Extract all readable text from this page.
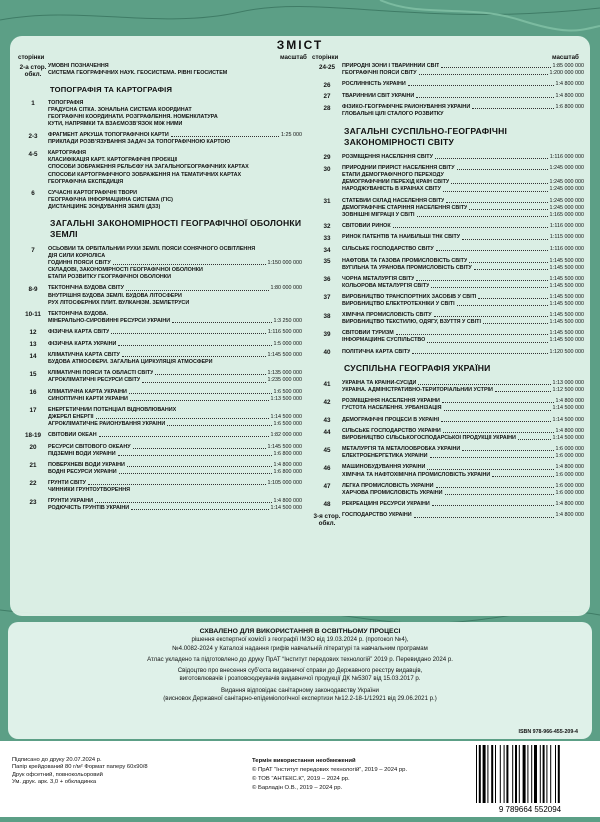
ЗМІСТ
сторінки	масштаб сторінки	масштаб
2-а стор. обкл.
УМОВНІ ПОЗНАЧЕННЯ
СИСТЕМА ГЕОГРАФІЧНИХ НАУК. ГЕОСИСТЕМА. РІВНІ ГЕОСИСТЕМ
ТОПОГРАФІЯ ТА КАРТОГРАФІЯ
1	ТОПОГРАФІЯ
ГРАДУСНА СІТКА. ЗОНАЛЬНА СИСТЕМА КООРДИНАТ
ГЕОГРАФІЧНІ КООРДИНАТИ. РОЗГРАФЛЕННЯ. НОМЕНКЛАТУРА
КУТИ, НАПРЯМКИ ТА ВЗАЄМОЗВ’ЯЗОК МІЖ НИМИ
2-3	ФРАГМЕНТ АРКУША ТОПОГРАФІЧНОЇ КАРТИ	1:25 000
ПРИКЛАДИ РОЗВ’ЯЗУВАННЯ ЗАДАЧ ЗА ТОПОГРАФІЧНОЮ КАРТОЮ
4-5	КАРТОГРАФІЯ
КЛАСИФІКАЦІЯ КАРТ. КАРТОГРАФІЧНІ ПРОЄКЦІЇ
СПОСОБИ ЗОБРАЖЕННЯ РЕЛЬЄФУ НА ЗАГАЛЬНОГЕОГРАФІЧНИХ КАРТАХ
СПОСОБИ КАРТОГРАФІЧНОГО ЗОБРАЖЕННЯ НА ТЕМАТИЧНИХ КАРТАХ
ГЕОГРАФІЧНА ЕКСПЕДИЦІЯ
6	СУЧАСНІ КАРТОГРАФІЧНІ ТВОРИ
ГЕОГРАФІЧНА ІНФОРМАЦІЙНА СИСТЕМА (ГІС)
ДИСТАНЦІЙНЕ ЗОНДУВАННЯ ЗЕМЛІ (ДЗЗ)
ЗАГАЛЬНІ ЗАКОНОМІРНОСТІ ГЕОГРАФІЧНОЇ ОБОЛОНКИ ЗЕМЛІ
7	ОСЬОВИЙ ТА ОРБІТАЛЬНИЙ РУХИ ЗЕМЛІ. ПОЯСИ СОНЯЧНОГО ОСВІТЛЕННЯ
ДІЯ СИЛИ КОРІОЛІСА
ГОДИННІ ПОЯСИ СВІТУ	1:150 000 000
СКЛАДОВІ, ЗАКОНОМІРНОСТІ ГЕОГРАФІЧНОЇ ОБОЛОНКИ
ЕТАПИ РОЗВИТКУ ГЕОГРАФІЧНОЇ ОБОЛОНКИ
8-9	ТЕКТОНІЧНА БУДОВА СВІТУ	1:80 000 000
ВНУТРІШНЯ БУДОВА ЗЕМЛІ. БУДОВА ЛІТОСФЕРИ
РУХ ЛІТОСФЕРНИХ ПЛИТ. ВУЛКАНІЗМ. ЗЕМЛЕТРУСИ
10-11	ТЕКТОНІЧНА БУДОВА.
МІНЕРАЛЬНО-СИРОВИННІ РЕСУРСИ УКРАЇНИ	1:3 250 000
12	ФІЗИЧНА КАРТА СВІТУ	1:116 500 000
13	ФІЗИЧНА КАРТА УКРАЇНИ	1:5 000 000
14	КЛІМАТИЧНА КАРТА СВІТУ	1:145 500 000
БУДОВА АТМОСФЕРИ. ЗАГАЛЬНА ЦИРКУЛЯЦІЯ АТМОСФЕРИ
15	КЛІМАТИЧНІ ПОЯСИ ТА ОБЛАСТІ СВІТУ	1:135 000 000
АГРОКЛІМАТИЧНІ РЕСУРСИ СВІТУ	1:235 000 000
16	КЛІМАТИЧНА КАРТА УКРАЇНИ	1:6 500 000
СИНОПТИЧНІ КАРТИ УКРАЇНИ	1:13 500 000
17	ЕНЕРГЕТИЧНИЙ ПОТЕНЦІАЛ ВІДНОВЛЮВАНИХ
ДЖЕРЕЛ ЕНЕРГІЇ	1:14 500 000
АГРОКЛІМАТИЧНЕ РАЙОНУВАННЯ УКРАЇНИ	1:6 500 000
18-19	СВІТОВИЙ ОКЕАН	1:82 000 000
20	РЕСУРСИ СВІТОВОГО ОКЕАНУ	1:145 500 000
ПІДЗЕМНІ ВОДИ УКРАЇНИ	1:6 800 000
21	ПОВЕРХНЕВІ ВОДИ УКРАЇНИ	1:4 800 000
ВОДНІ РЕСУРСИ УКРАЇНИ	1:6 800 000
22	ҐРУНТИ СВІТУ	1:105 000 000
ЧИННИКИ ҐРУНТОУТВОРЕННЯ
23	ҐРУНТИ УКРАЇНИ	1:4 800 000
РОДЮЧІСТЬ ҐРУНТІВ УКРАЇНИ	1:14 500 000
24-25	ПРИРОДНІ ЗОНИ І ТВАРИННИЙ СВІТ	1:85 000 000
ГЕОГРАФІЧНІ ПОЯСИ СВІТУ	1:200 000 000
26	РОСЛИННІСТЬ УКРАЇНИ	1:4 800 000
27	ТВАРИННИЙ СВІТ УКРАЇНИ	1:4 800 000
28	ФІЗИКО-ГЕОГРАФІЧНЕ РАЙОНУВАННЯ УКРАЇНИ	1:6 800 000
ГЛОБАЛЬНІ ЦІЛІ СТАЛОГО РОЗВИТКУ
ЗАГАЛЬНІ СУСПІЛЬНО-ГЕОГРАФІЧНІ ЗАКОНОМІРНОСТІ СВІТУ
29	РОЗМІЩЕННЯ НАСЕЛЕННЯ СВІТУ	1:116 000 000
30	ПРИРОДНИЙ ПРИРІСТ НАСЕЛЕННЯ СВІТУ	1:245 000 000
ЕТАПИ ДЕМОГРАФІЧНОГО ПЕРЕХОДУ
ДЕМОГРАФІЧНИЙ ПЕРЕХІД КРАЇН СВІТУ	1:245 000 000
НАРОДЖУВАНІСТЬ В КРАЇНАХ СВІТУ	1:245 000 000
31	СТАТЕВИЙ СКЛАД НАСЕЛЕННЯ СВІТУ	1:245 000 000
ДЕМОГРАФІЧНЕ СТАРІННЯ НАСЕЛЕННЯ СВІТУ	1:245 000 000
ЗОВНІШНІ МІГРАЦІЇ У СВІТІ	1:165 000 000
32	СВІТОВИЙ РИНОК	1:116 000 000
33	РИНОК ПАТЕНТІВ ТА НАЙБІЛЬШІ ТНК СВІТУ	1:115 000 000
34	СІЛЬСЬКЕ ГОСПОДАРСТВО СВІТУ	1:116 000 000
35	НАФТОВА ТА ГАЗОВА ПРОМИСЛОВІСТЬ СВІТУ	1:145 500 000
ВУГІЛЬНА ТА УРАНОВА ПРОМИСЛОВІСТЬ СВІТУ	1:145 500 000
36	ЧОРНА МЕТАЛУРГІЯ СВІТУ	1:145 500 000
КОЛЬОРОВА МЕТАЛУРГІЯ СВІТУ	1:145 500 000
37	ВИРОБНИЦТВО ТРАНСПОРТНИХ ЗАСОБІВ У СВІТІ	1:145 500 000
ВИРОБНИЦТВО ЕЛЕКТРОТЕХНІКИ У СВІТІ	1:145 500 000
38	ХІМІЧНА ПРОМИСЛОВІСТЬ СВІТУ	1:145 500 000
ВИРОБНИЦТВО ТЕКСТИЛЮ, ОДЯГУ, ВЗУТТЯ У СВІТІ	1:145 500 000
39	СВІТОВИЙ ТУРИЗМ	1:145 500 000
ІНФОРМАЦІЙНЕ СУСПІЛЬСТВО	1:145 500 000
40	ПОЛІТИЧНА КАРТА СВІТУ	1:120 500 000
СУСПІЛЬНА ГЕОГРАФІЯ УКРАЇНИ
41	УКРАЇНА ТА КРАЇНИ-СУСІДИ	1:13 000 000
УКРАЇНА. АДМІНІСТРАТИВНО-ТЕРИТОРІАЛЬНИЙ УСТРІЙ	1:12 500 000
42	РОЗМІЩЕННЯ НАСЕЛЕННЯ УКРАЇНИ	1:4 800 000
ГУСТОТА НАСЕЛЕННЯ. УРБАНІЗАЦІЯ	1:14 500 000
43	ДЕМОГРАФІЧНІ ПРОЦЕСИ В УКРАЇНІ	1:14 500 000
44	СІЛЬСЬКЕ ГОСПОДАРСТВО УКРАЇНИ	1:4 800 000
ВИРОБНИЦТВО СІЛЬСЬКОГОСПОДАРСЬКОЇ ПРОДУКЦІЇ УКРАЇНИ	1:14 500 000
45	МЕТАЛУРГІЯ ТА МЕТАЛООБРОБКА УКРАЇНИ	1:6 000 000
ЕЛЕКТРОЕНЕРГЕТИКА УКРАЇНИ	1:6 000 000
46	МАШИНОБУДУВАННЯ УКРАЇНИ	1:4 800 000
ХІМІЧНА ТА НАФТОХІМІЧНА ПРОМИСЛОВІСТЬ УКРАЇНИ	1:6 000 000
47	ЛЕГКА ПРОМИСЛОВІСТЬ УКРАЇНИ	1:6 000 000
ХАРЧОВА ПРОМИСЛОВІСТЬ УКРАЇНИ	1:6 000 000
48	РЕКРЕАЦІЙНІ РЕСУРСИ УКРАЇНИ	1:4 800 000
3-я стор. обкл.
ГОСПОДАРСТВО УКРАЇНИ	1:4 800 000
СХВАЛЕНО ДЛЯ ВИКОРИСТАННЯ В ОСВІТНЬОМУ ПРОЦЕСІ
рішення експертної комісії з географії ІМЗО від 19.03.2024 р. (протокол №4),
№4.0082-2024 у Каталозі надання грифів навчальній літературі та навчальним програмам
Атлас укладено та підготовлено до друку ПрАТ “Інститут передових технологій” 2019 р. Перевидано 2024 р.
Свідоцтво про внесення суб’єкта видавничої справи до Державного реєстру видавців,
виготовлювачів і розповсюджувачів видавничої продукції ДК №5307 від 15.03.2017 р.
Видання відповідає санітарному законодавству України
(висновок Державної санітарно-епідеміологічної експертизи №12.2-18-1/12921 від 29.06.2021 р.)
ISBN 978-966-455-209-4
Підписано до друку 20.07.2024 р.
Папір крейдований 80 г/м² Формат паперу 60х90/8
Друк офсетний, повнокольоровий
Ум. друк. арк. 3,0 + обкладинка
Термін використання необмежений
© ПрАТ “Інститут передових технологій”, 2019 – 2024 рр.
© ТОВ “АНТЕКС.К”, 2019 – 2024 рр.
© Барладін О.В., 2019 – 2024 рр.
9 789664 552094
